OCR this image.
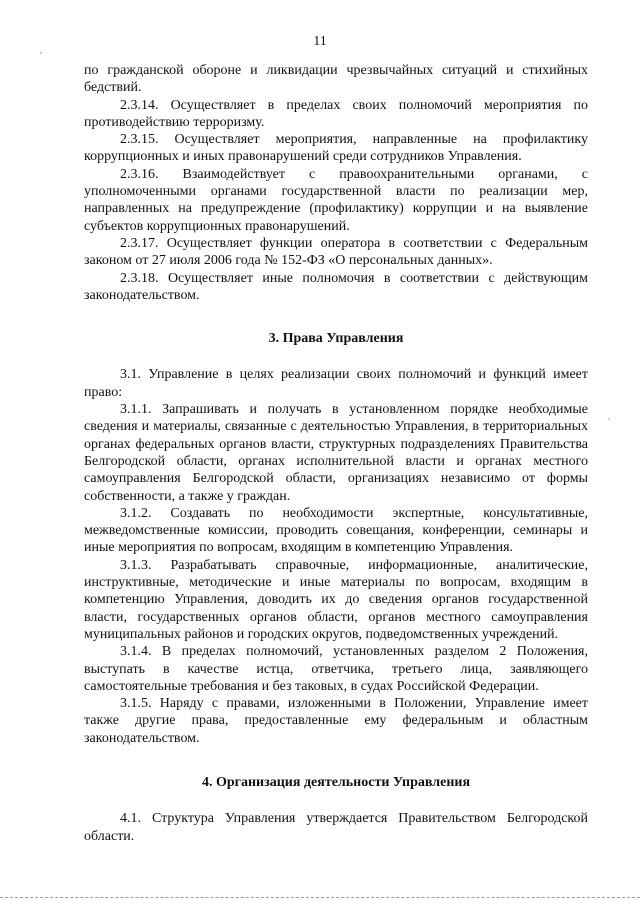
11
,
,

по гражданской обороне и ликвидации чрезвычайных ситуаций и стихийных бедствий.

2.3.14. Осуществляет в пределах своих полномочий мероприятия по противодействию терроризму.

2.3.15. Осуществляет мероприятия, направленные на профилактику коррупционных и иных правонарушений среди сотрудников Управления.

2.3.16. Взаимодействует с правоохранительными органами, с уполномоченными органами государственной власти по реализации мер, направленных на предупреждение (профилактику) коррупции и на выявление субъектов коррупционных правонарушений.

2.3.17. Осуществляет функции оператора в соответствии с Федеральным законом от 27 июля 2006 года № 152-ФЗ «О персональных данных».

2.3.18. Осуществляет иные полномочия в соответствии с действующим законодательством.

3. Права Управления

3.1. Управление в целях реализации своих полномочий и функций имеет право:

3.1.1. Запрашивать и получать в установленном порядке необходимые сведения и материалы, связанные с деятельностью Управления, в территориальных органах федеральных органов власти, структурных подразделениях Правительства Белгородской области, органах исполнительной власти и органах местного самоуправления Белгородской области, организациях независимо от формы собственности, а также у граждан.

3.1.2. Создавать по необходимости экспертные, консультативные, межведомственные комиссии, проводить совещания, конференции, семинары и иные мероприятия по вопросам, входящим в компетенцию Управления.

3.1.3. Разрабатывать справочные, информационные, аналитические, инструктивные, методические и иные материалы по вопросам, входящим в компетенцию Управления, доводить их до сведения органов государственной власти, государственных органов области, органов местного самоуправления муниципальных районов и городских округов, подведомственных учреждений.

3.1.4. В пределах полномочий, установленных разделом 2 Положения, выступать в качестве истца, ответчика, третьего лица, заявляющего самостоятельные требования и без таковых, в судах Российской Федерации.

3.1.5. Наряду с правами, изложенными в Положении, Управление имеет также другие права, предоставленные ему федеральным и областным законодательством.

4. Организация деятельности Управления

4.1. Структура Управления утверждается Правительством Белгородской области.
